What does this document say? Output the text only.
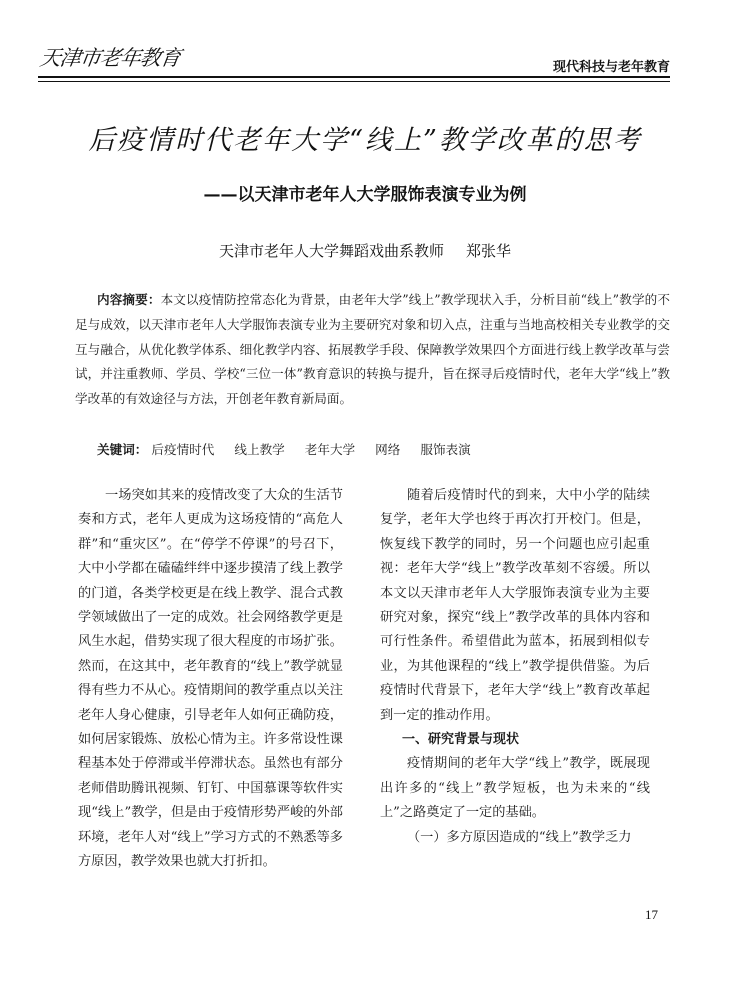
天津市老年教育	现代科技与老年教育
后疫情时代老年大学“线上”教学改革的思考
——以天津市老年人大学服饰表演专业为例
天津市老年人大学舞蹈戏曲系教师 郑张华
内容摘要：本文以疫情防控常态化为背景，由老年大学”线上”教学现状入手，分析目前“线上”教学的不足与成效，以天津市老年人大学服饰表演专业为主要研究对象和切入点，注重与当地高校相关专业教学的交互与融合，从优化教学体系、细化教学内容、拓展教学手段、保障教学效果四个方面进行线上教学改革与尝试，并注重教师、学员、学校“三位一体”教育意识的转换与提升，旨在探寻后疫情时代，老年大学“线上”教学改革的有效途径与方法，开创老年教育新局面。
关键词： 后疫情时代 线上教学 老年大学 网络 服饰表演

一场突如其来的疫情改变了大众的生活节奏和方式，老年人更成为这场疫情的“高危人群”和“重灾区”。在“停学不停课”的号召下，大中小学都在磕磕绊绊中逐步摸清了线上教学的门道，各类学校更是在线上教学、混合式教学领域做出了一定的成效。社会网络教学更是风生水起，借势实现了很大程度的市场扩张。然而，在这其中，老年教育的“线上”教学就显得有些力不从心。疫情期间的教学重点以关注老年人身心健康，引导老年人如何正确防疫，如何居家锻炼、放松心情为主。许多常设性课程基本处于停滞或半停滞状态。虽然也有部分老师借助腾讯视频、钉钉、中国慕课等软件实现“线上”教学，但是由于疫情形势严峻的外部环境，老年人对“线上”学习方式的不熟悉等多方原因，教学效果也就大打折扣。

随着后疫情时代的到来，大中小学的陆续复学，老年大学也终于再次打开校门。但是，恢复线下教学的同时，另一个问题也应引起重视：老年大学“线上”教学改革刻不容缓。所以本文以天津市老年人大学服饰表演专业为主要研究对象，探究“线上”教学改革的具体内容和可行性条件。希望借此为蓝本，拓展到相似专业，为其他课程的“线上”教学提供借鉴。为后疫情时代背景下，老年大学“线上”教育改革起到一定的推动作用。

一、研究背景与现状

疫情期间的老年大学“线上”教学，既展现出许多的“线上”教学短板，也为未来的“线上”之路奠定了一定的基础。

（一）多方原因造成的“线上”教学乏力

17
